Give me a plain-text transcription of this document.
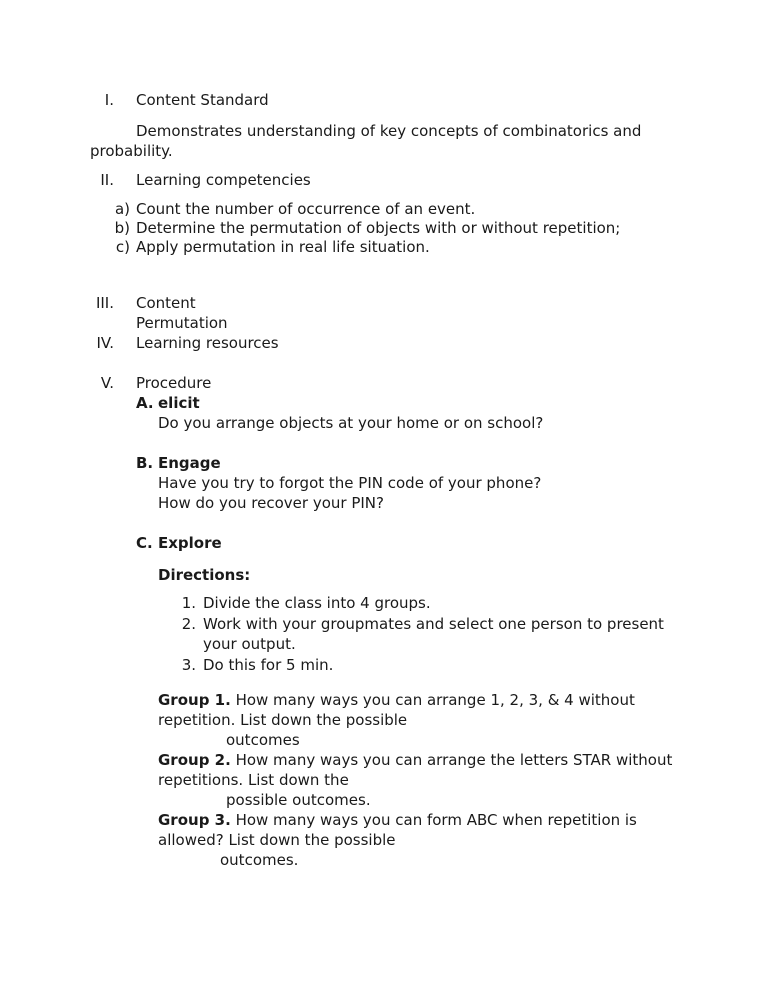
I. Content Standard
Demonstrates understanding of key concepts of combinatorics and
probability.
II. Learning competencies
a) Count the number of occurrence of an event.
b) Determine the permutation of objects with or without repetition;
c) Apply permutation in real life situation.
III. Content
Permutation
IV. Learning resources
V. Procedure
A. elicit
Do you arrange objects at your home or on school?
B. Engage
Have you try to forgot the PIN code of your phone?
How do you recover your PIN?
C. Explore
Directions:
1. Divide the class into 4 groups.
2. Work with your groupmates and select one person to present
your output.
3. Do this for 5 min.
Group 1. How many ways you can arrange 1, 2, 3, & 4 without
repetition. List down the possible
outcomes
Group 2. How many ways you can arrange the letters STAR without
repetitions. List down the
possible outcomes.
Group 3. How many ways you can form ABC when repetition is
allowed? List down the possible
outcomes.
